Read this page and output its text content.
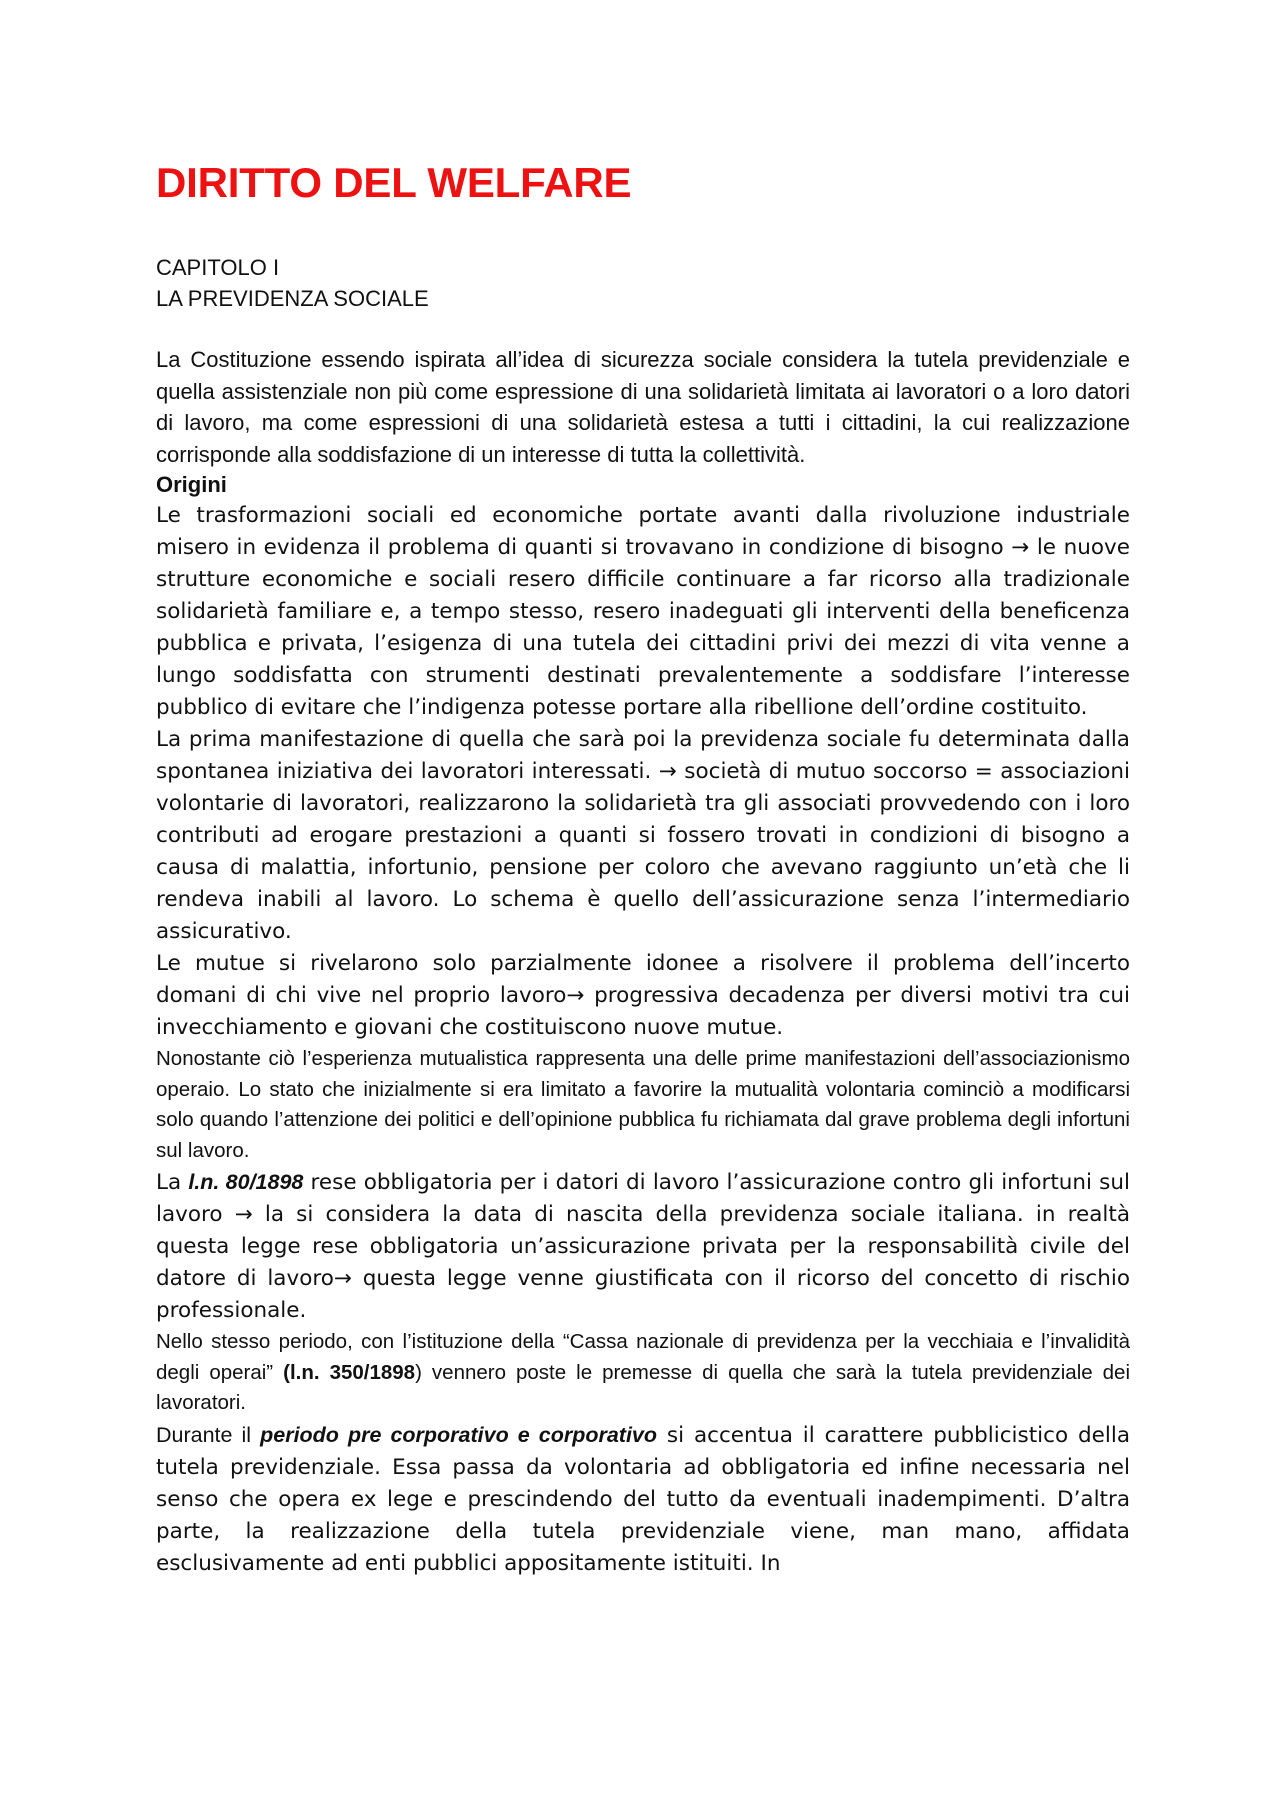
DIRITTO DEL WELFARE

CAPITOLO I

LA PREVIDENZA SOCIALE

La Costituzione essendo ispirata all’idea di sicurezza sociale considera la tutela previdenziale e quella assistenziale non più come espressione di una solidarietà limitata ai lavoratori o a loro datori di lavoro, ma come espressioni di una solidarietà estesa a tutti i cittadini, la cui realizzazione corrisponde alla soddisfazione di un interesse di tutta la collettività.

Origini

Le trasformazioni sociali ed economiche portate avanti dalla rivoluzione industriale misero in evidenza il problema di quanti si trovavano in condizione di bisogno → le nuove strutture economiche e sociali resero difficile continuare a far ricorso alla tradizionale solidarietà familiare e, a tempo stesso, resero inadeguati gli interventi della beneficenza pubblica e privata, l’esigenza di una tutela dei cittadini privi dei mezzi di vita venne a lungo soddisfatta con strumenti destinati prevalentemente a soddisfare l’interesse pubblico di evitare che l’indigenza potesse portare alla ribellione dell’ordine costituito.

La prima manifestazione di quella che sarà poi la previdenza sociale fu determinata dalla spontanea iniziativa dei lavoratori interessati. → società di mutuo soccorso = associazioni volontarie di lavoratori, realizzarono la solidarietà tra gli associati provvedendo con i loro contributi ad erogare prestazioni a quanti si fossero trovati in condizioni di bisogno a causa di malattia, infortunio, pensione per coloro che avevano raggiunto un’età che li rendeva inabili al lavoro. Lo schema è quello dell’assicurazione senza l’intermediario assicurativo.

Le mutue si rivelarono solo parzialmente idonee a risolvere il problema dell’incerto domani di chi vive nel proprio lavoro→ progressiva decadenza per diversi motivi tra cui invecchiamento e giovani che costituiscono nuove mutue.

Nonostante ciò l’esperienza mutualistica rappresenta una delle prime manifestazioni dell’associazionismo operaio. Lo stato che inizialmente si era limitato a favorire la mutualità volontaria cominciò a modificarsi solo quando l’attenzione dei politici e dell’opinione pubblica fu richiamata dal grave problema degli infortuni sul lavoro.

La l.n. 80/1898 rese obbligatoria per i datori di lavoro l’assicurazione contro gli infortuni sul lavoro → la si considera la data di nascita della previdenza sociale italiana. in realtà questa legge rese obbligatoria un’assicurazione privata per la responsabilità civile del datore di lavoro→ questa legge venne giustificata con il ricorso del concetto di rischio professionale.

Nello stesso periodo, con l’istituzione della “Cassa nazionale di previdenza per la vecchiaia e l’invalidità degli operai” (l.n. 350/1898) vennero poste le premesse di quella che sarà la tutela previdenziale dei lavoratori.

Durante il periodo pre corporativo e corporativo si accentua il carattere pubblicistico della tutela previdenziale. Essa passa da volontaria ad obbligatoria ed infine necessaria nel senso che opera ex lege e prescindendo del tutto da eventuali inadempimenti. D’altra parte, la realizzazione della tutela previdenziale viene, man mano, affidata esclusivamente ad enti pubblici appositamente istituiti. In
